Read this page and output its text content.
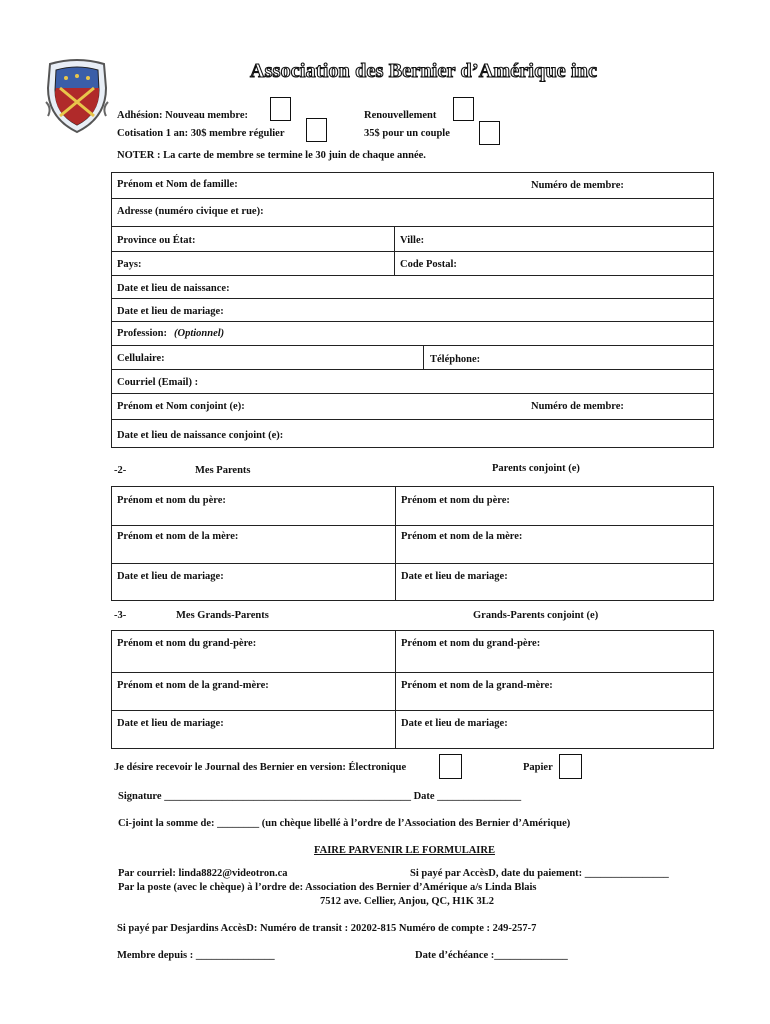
Association des Bernier d’Amérique inc
Adhésion: Nouveau membre:	Renouvellement
Cotisation 1 an: 30$ membre régulier	35$ pour un couple
NOTER : La carte de membre se termine le 30 juin de chaque année.
Prénom et Nom de famille:	Numéro de membre:
Adresse (numéro civique et rue):
Province ou État:	Ville:
Pays:	Code Postal:
Date et lieu de naissance:
Date et lieu de mariage:
Profession: (Optionnel)
Cellulaire:	Téléphone:
Courriel (Email) :
Prénom et Nom conjoint (e):	Numéro de membre:
Date et lieu de naissance conjoint (e):
-2-	Mes Parents	Parents conjoint (e)
Prénom et nom du père:	Prénom et nom du père:
Prénom et nom de la mère:	Prénom et nom de la mère:
Date et lieu de mariage:	Date et lieu de mariage:
-3-	Mes Grands-Parents	Grands-Parents conjoint (e)
Prénom et nom du grand-père:	Prénom et nom du grand-père:
Prénom et nom de la grand-mère:	Prénom et nom de la grand-mère:
Date et lieu de mariage:	Date et lieu de mariage:
Je désire recevoir le Journal des Bernier en version: Électronique	Papier
Signature _______________________________________________ Date ________________
Ci-joint la somme de: ________ (un chèque libellé à l’ordre de l’Association des Bernier d’Amérique)
FAIRE PARVENIR LE FORMULAIRE
Par courriel: linda8822@videotron.ca	Si payé par AccèsD, date du paiement: ________________
Par la poste (avec le chèque) à l’ordre de: Association des Bernier d’Amérique a/s Linda Blais
7512 ave. Cellier, Anjou, QC, H1K 3L2
Si payé par Desjardins AccèsD: Numéro de transit : 20202-815 Numéro de compte : 249-257-7
Membre depuis : _______________	Date d’échéance :______________
